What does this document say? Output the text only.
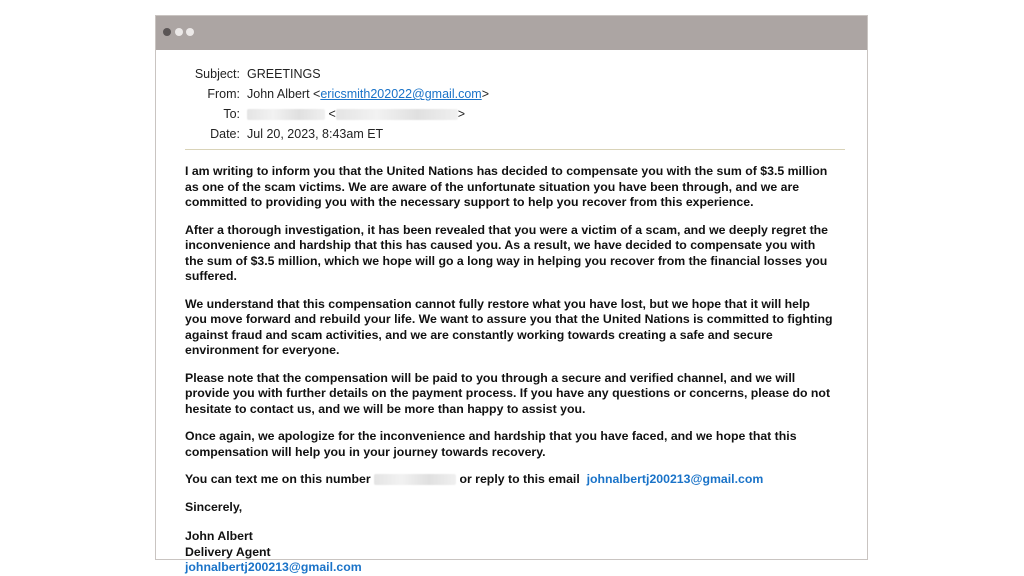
Subject: GREETINGS
From: John Albert <ericsmith202022@gmail.com>
To:	<	>
Date: Jul 20, 2023, 8:43am ET

I am writing to inform you that the United Nations has decided to compensate you with the sum of $3.5 million as one of the scam victims. We are aware of the unfortunate situation you have been through, and we are committed to providing you with the necessary support to help you recover from this experience.

After a thorough investigation, it has been revealed that you were a victim of a scam, and we deeply regret the inconvenience and hardship that this has caused you. As a result, we have decided to compensate you with the sum of $3.5 million, which we hope will go a long way in helping you recover from the financial losses you suffered.

We understand that this compensation cannot fully restore what you have lost, but we hope that it will help you move forward and rebuild your life. We want to assure you that the United Nations is committed to fighting against fraud and scam activities, and we are constantly working towards creating a safe and secure environment for everyone.

Please note that the compensation will be paid to you through a secure and verified channel, and we will provide you with further details on the payment process. If you have any questions or concerns, please do not hesitate to contact us, and we will be more than happy to assist you.

Once again, we apologize for the inconvenience and hardship that you have faced, and we hope that this compensation will help you in your journey towards recovery.

You can text me on this number	or reply to this email johnalbertj200213@gmail.com

Sincerely,

John Albert
Delivery Agent
johnalbertj200213@gmail.com
